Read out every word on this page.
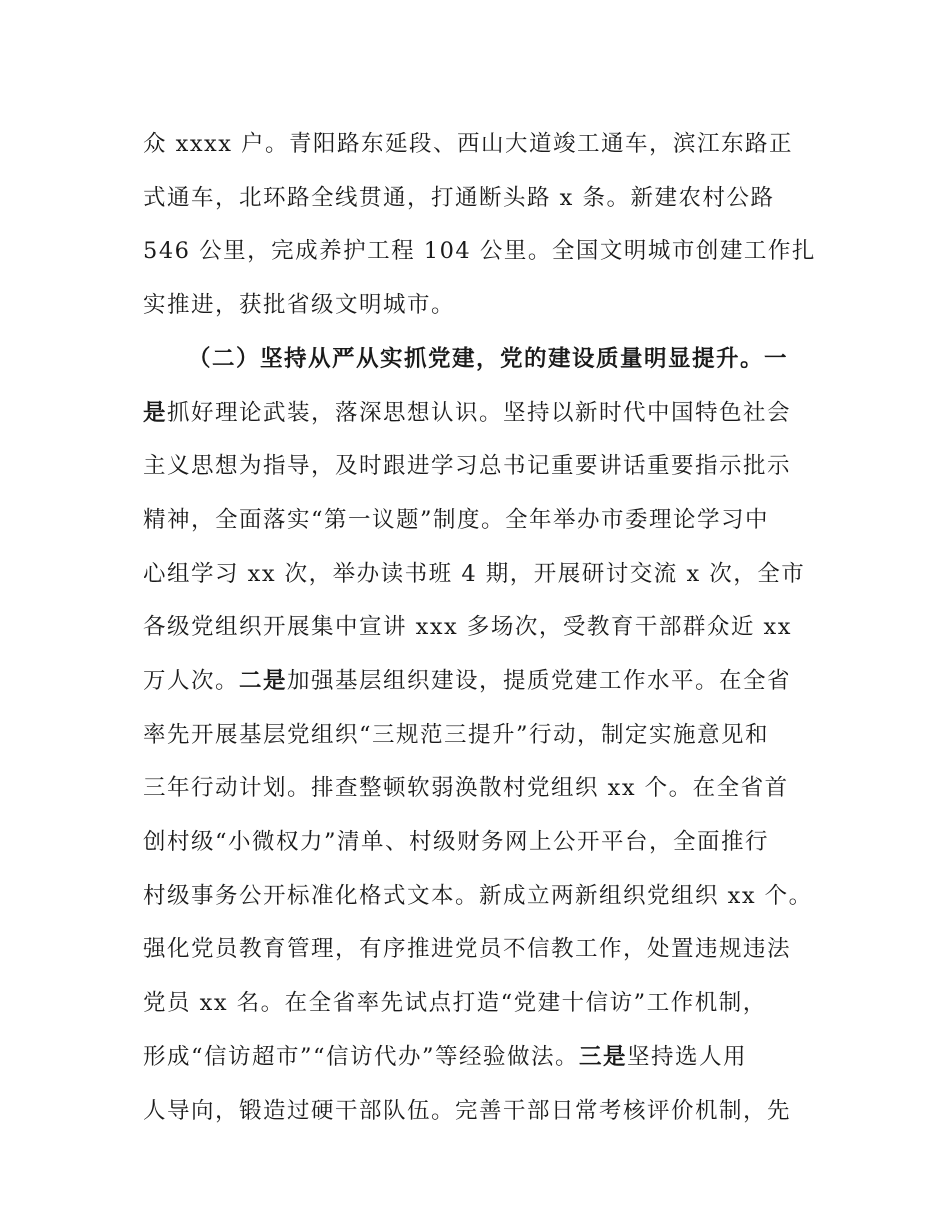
众 xxxx 户。青阳路东延段、西山大道竣工通车，滨江东路正
式通车，北环路全线贯通，打通断头路 x 条。新建农村公路
546 公里，完成养护工程 104 公里。全国文明城市创建工作扎
实推进，获批省级文明城市。
（二）坚持从严从实抓党建，党的建设质量明显提升。一
是抓好理论武装，落深思想认识。坚持以新时代中国特色社会
主义思想为指导，及时跟进学习总书记重要讲话重要指示批示
精神，全面落实“第一议题”制度。全年举办市委理论学习中
心组学习 xx 次，举办读书班 4 期，开展研讨交流 x 次，全市
各级党组织开展集中宣讲 xxx 多场次，受教育干部群众近 xx
万人次。二是加强基层组织建设，提质党建工作水平。在全省
率先开展基层党组织“三规范三提升”行动，制定实施意见和
三年行动计划。排查整顿软弱涣散村党组织 xx 个。在全省首
创村级“小微权力”清单、村级财务网上公开平台，全面推行
村级事务公开标准化格式文本。新成立两新组织党组织 xx 个。
强化党员教育管理，有序推进党员不信教工作，处置违规违法
党员 xx 名。在全省率先试点打造“党建十信访”工作机制，
形成“信访超市”“信访代办”等经验做法。三是坚持选人用
人导向，锻造过硬干部队伍。完善干部日常考核评价机制，先
